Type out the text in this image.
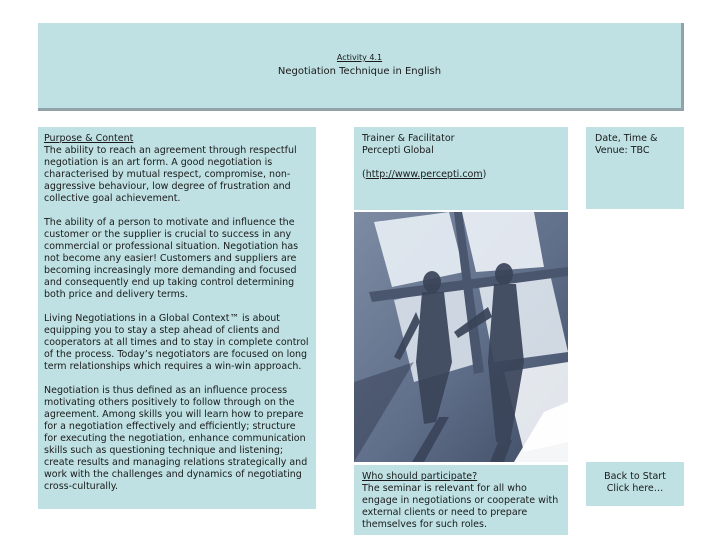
Activity 4.1
Negotiation Technique in English
Purpose & Content

The ability to reach an agreement through respectful negotiation is an art form. A good negotiation is characterised by mutual respect, compromise, non-aggressive behaviour, low degree of frustration and collective goal achievement.

The ability of a person to motivate and influence the customer or the supplier is crucial to success in any commercial or professional situation. Negotiation has not become any easier! Customers and suppliers are becoming increasingly more demanding and focused and consequently end up taking control determining both price and delivery terms.

Living Negotiations in a Global Context™ is about equipping you to stay a step ahead of clients and cooperators at all times and to stay in complete control of the process. Today’s negotiators are focused on long term relationships which requires a win-win approach.

Negotiation is thus defined as an influence process motivating others positively to follow through on the agreement. Among skills you will learn how to prepare for a negotiation effectively and efficiently; structure for executing the negotiation, enhance communication skills such as questioning technique and listening; create results and managing relations strategically and work with the challenges and dynamics of negotiating cross-culturally.

Trainer & Facilitator
Percepti Global
(http://www.percepti.com)
Date, Time &
Venue: TBC
Who should participate?
The seminar is relevant for all who engage in negotiations or cooperate with external clients or need to prepare themselves for such roles.
Back to Start
Click here…
